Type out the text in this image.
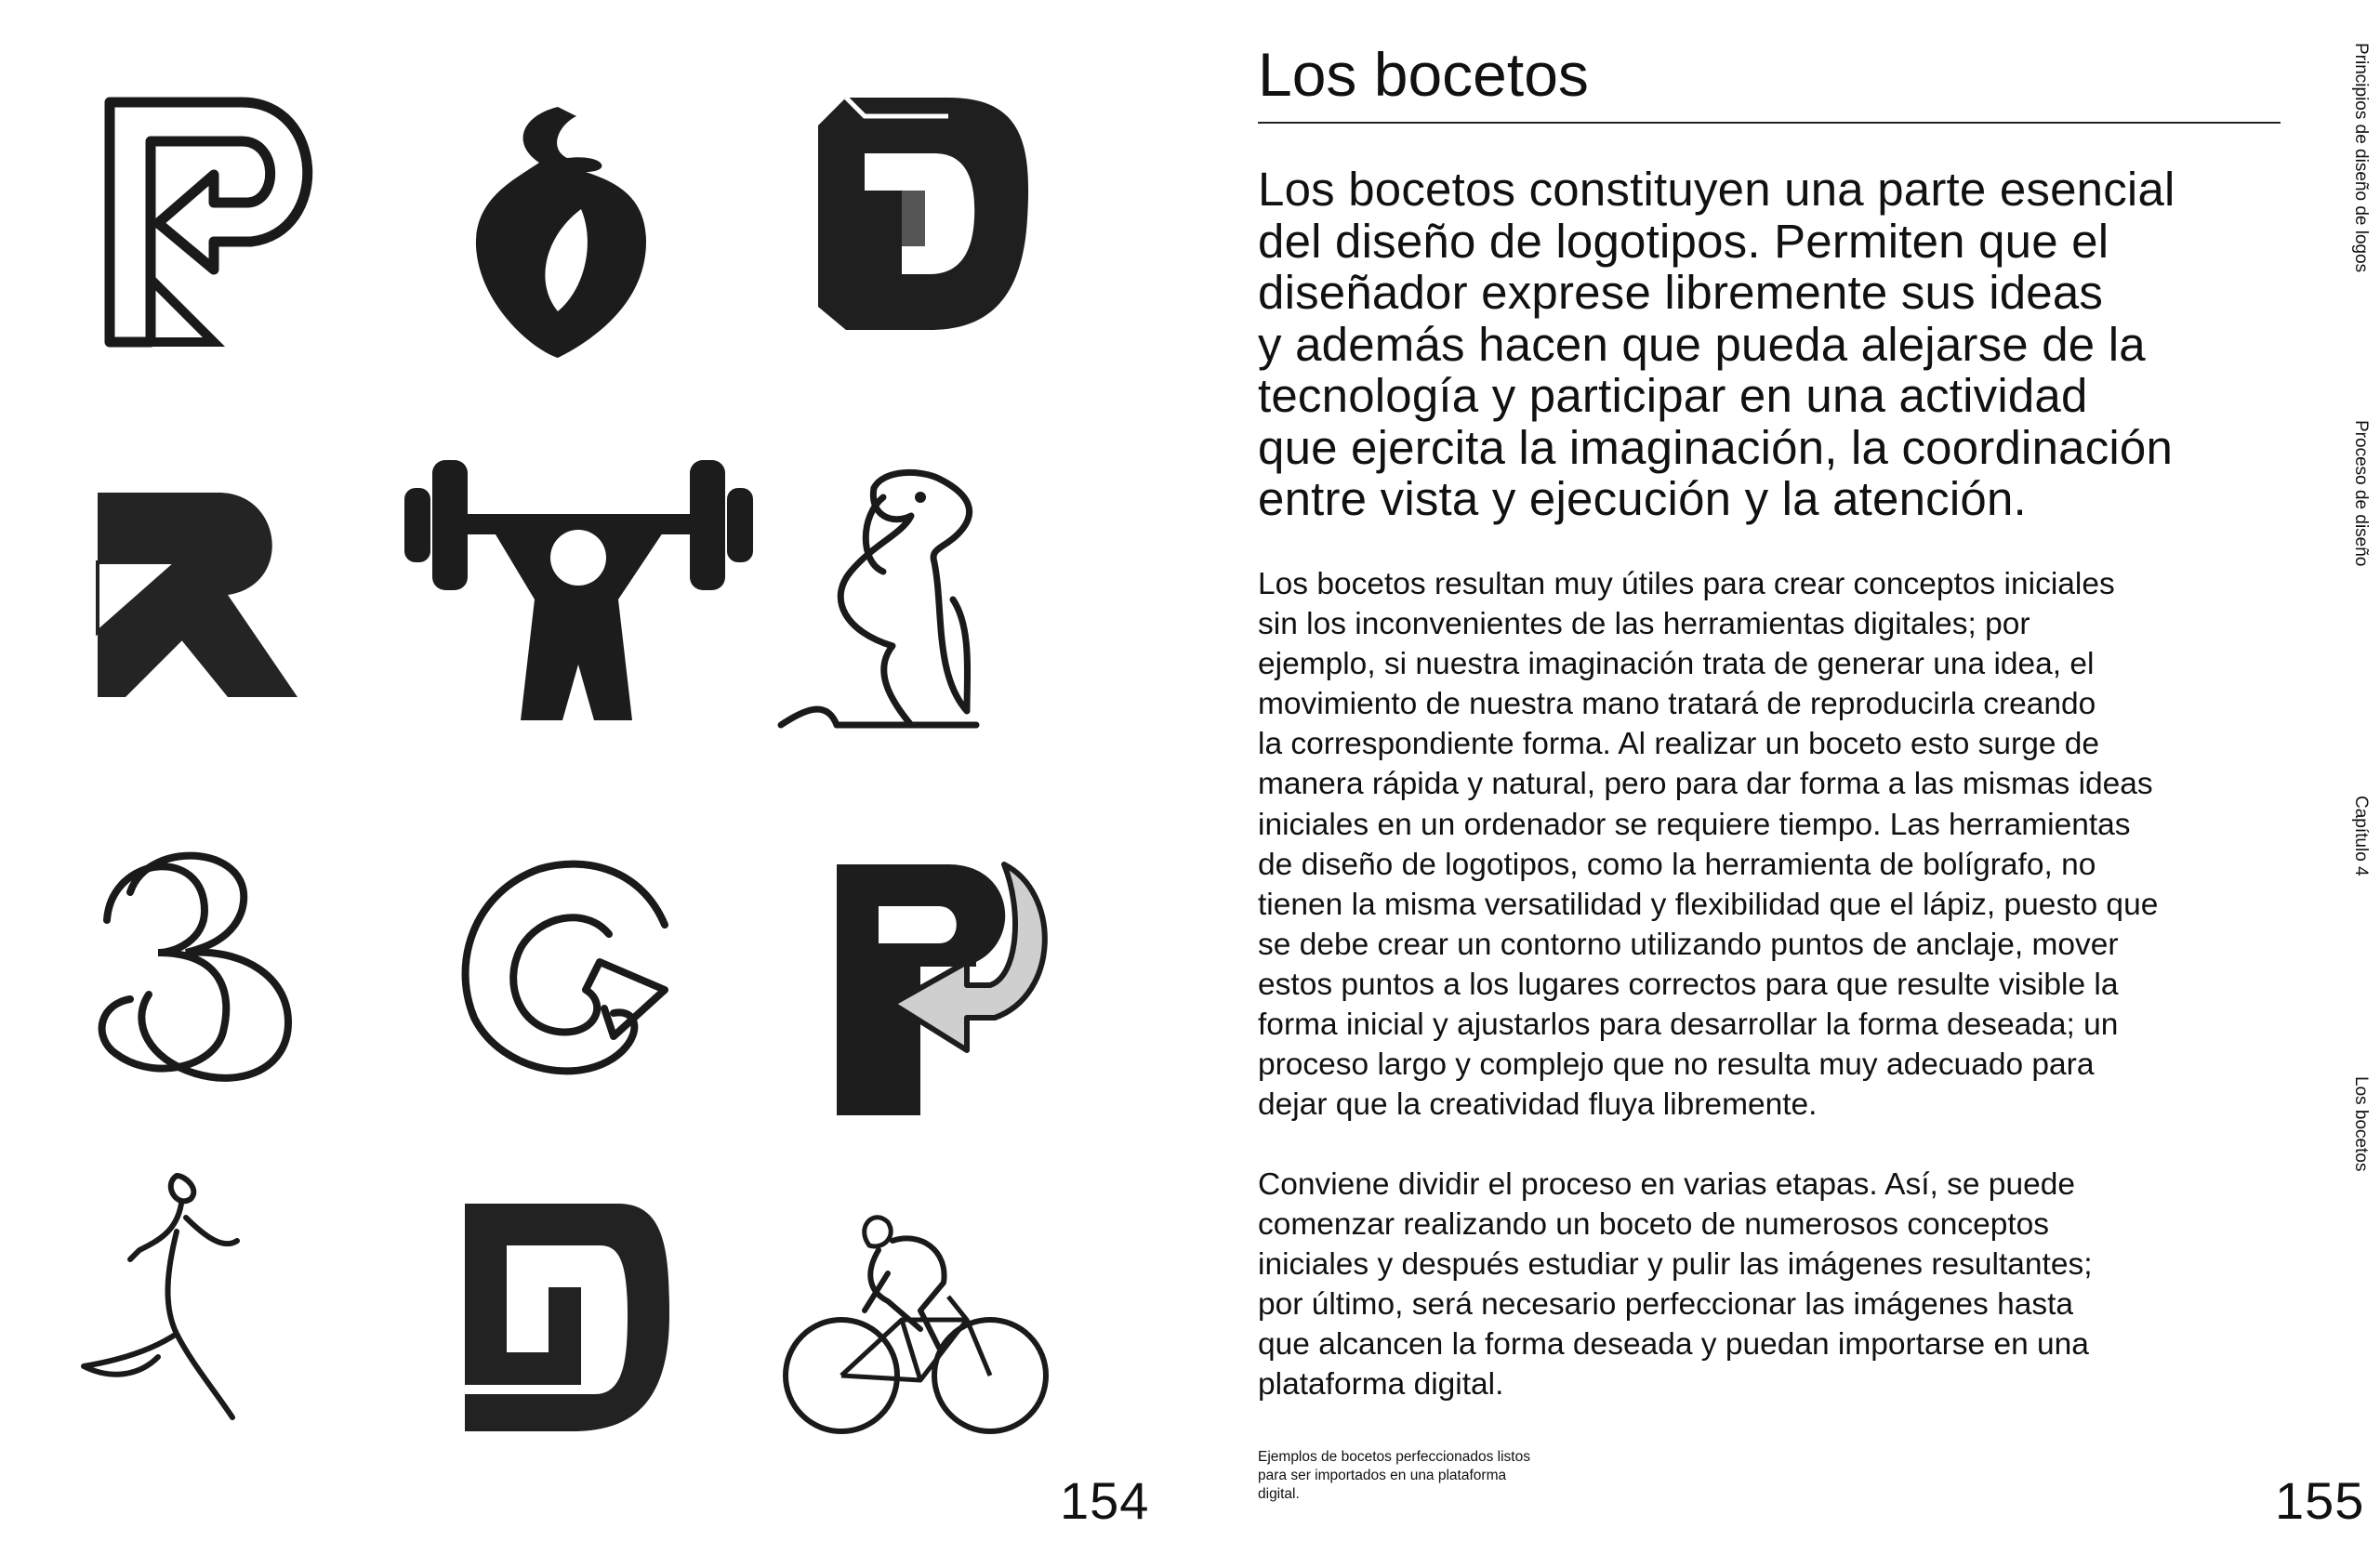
154
Los bocetos

Los bocetos constituyen una parte esencial
del diseño de logotipos. Permiten que el
diseñador exprese libremente sus ideas
y además hacen que pueda alejarse de la
tecnología y participar en una actividad
que ejercita la imaginación, la coordinación
entre vista y ejecución y la atención.

Los bocetos resultan muy útiles para crear conceptos iniciales
sin los inconvenientes de las herramientas digitales; por
ejemplo, si nuestra imaginación trata de generar una idea, el
movimiento de nuestra mano tratará de reproducirla creando
la correspondiente forma. Al realizar un boceto esto surge de
manera rápida y natural, pero para dar forma a las mismas ideas
iniciales en un ordenador se requiere tiempo. Las herramientas
de diseño de logotipos, como la herramienta de bolígrafo, no
tienen la misma versatilidad y flexibilidad que el lápiz, puesto que
se debe crear un contorno utilizando puntos de anclaje, mover
estos puntos a los lugares correctos para que resulte visible la
forma inicial y ajustarlos para desarrollar la forma deseada; un
proceso largo y complejo que no resulta muy adecuado para
dejar que la creatividad fluya libremente.

Conviene dividir el proceso en varias etapas. Así, se puede
comenzar realizando un boceto de numerosos conceptos
iniciales y después estudiar y pulir las imágenes resultantes;
por último, será necesario perfeccionar las imágenes hasta
que alcancen la forma deseada y puedan importarse en una
plataforma digital.

Ejemplos de bocetos perfeccionados listos
para ser importados en una plataforma
digital.

Principios de diseño de logos
Proceso de diseño
Capítulo 4
Los bocetos
155
